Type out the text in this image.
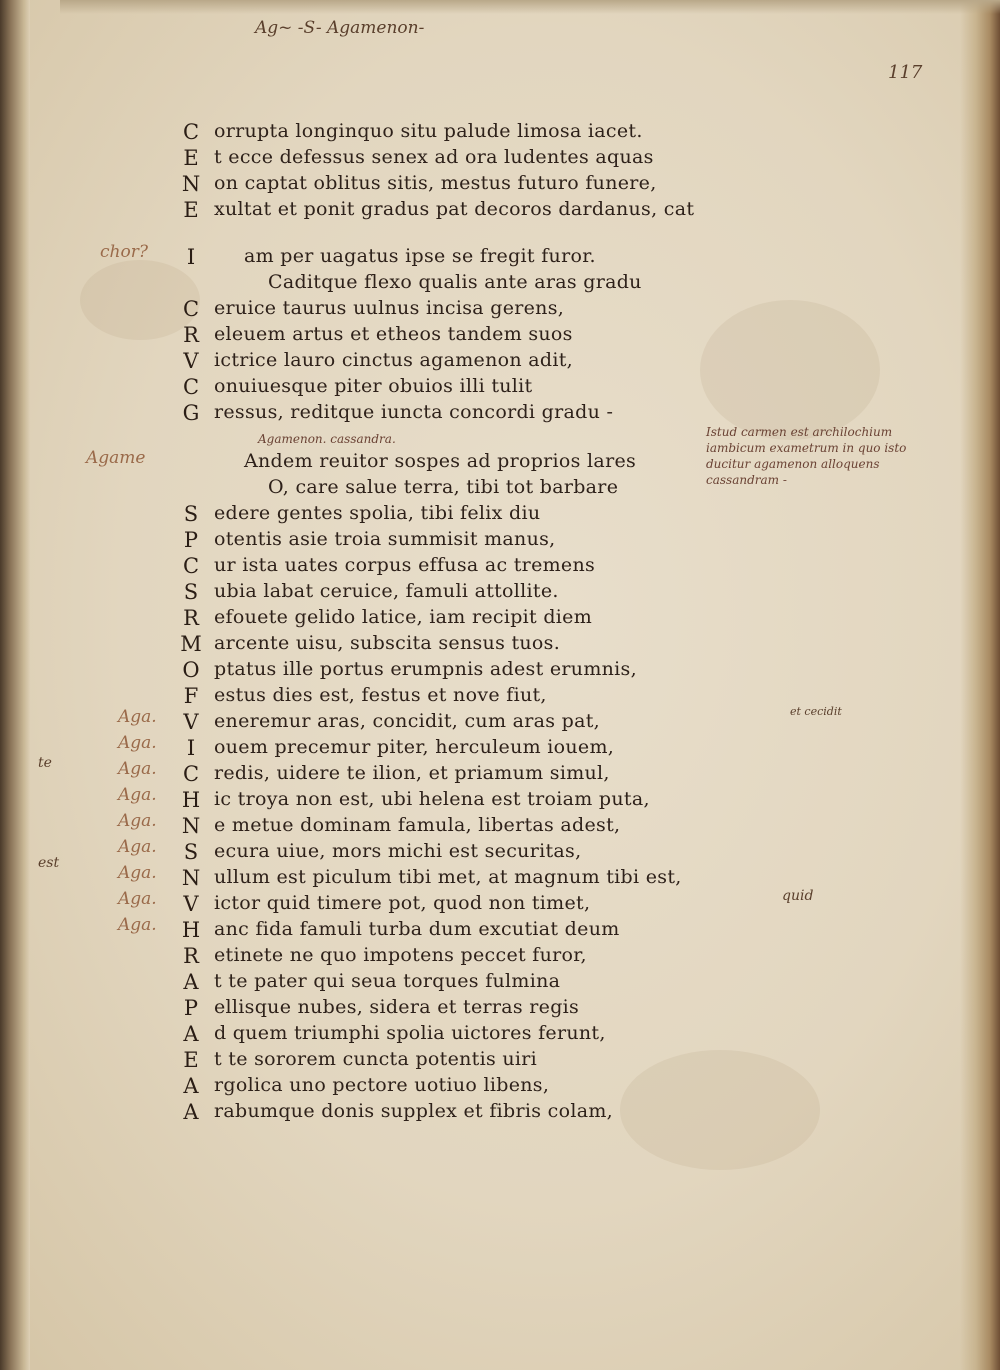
Ag~ -S- Agamenon-
117
C orrupta longinquo situ palude limosa iacet.
E t ecce defessus senex ad ora ludentes aquas
N on captat oblitus sitis, mestus futuro funere,
E xultat et ponit gradus pat decoros dardanus, cat
I	am per uagatus ipse se fregit furor.
Caditque flexo qualis ante aras gradu
C eruice taurus uulnus incisa gerens,
R eleuem artus et etheos tandem suos
V ictrice lauro cinctus agamenon adit,
C onuiuesque piter obuios illi tulit
G ressus, reditque iuncta concordi gradu -
Agamenon. cassandra.
Andem reuitor sospes ad proprios lares
O, care salue terra, tibi tot barbare
S edere gentes spolia, tibi felix diu
P otentis asie troia summisit manus,
C ur ista uates corpus effusa ac tremens
S ubia labat ceruice, famuli attollite.
R efouete gelido latice, iam recipit diem
M arcente uisu, subscita sensus tuos.
O ptatus ille portus erumpnis adest erumnis,
F estus dies est, festus et nove fiut,
V eneremur aras, concidit, cum aras pat,
I ouem precemur piter, herculeum iouem,
C redis, uidere te ilion, et priamum simul,
H ic troya non est, ubi helena est troiam puta,
N e metue dominam famula, libertas adest,
S ecura uiue, mors michi est securitas,
N ullum est piculum tibi met, at magnum tibi est,
V ictor quid timere pot, quod non timet,
H anc fida famuli turba dum excutiat deum
R etinete ne quo impotens peccet furor,
A t te pater qui seua torques fulmina
P ellisque nubes, sidera et terras regis
A d quem triumphi spolia uictores ferunt,
E t te sororem cuncta potentis uiri
A rgolica uno pectore uotiuo libens,
A rabumque donis supplex et fibris colam,
chor?
Agame
Aga.
Aga.
Aga.
Aga.
Aga.
Aga.
Aga.
Aga.
Aga.
Istud carmen est archilochium
iambicum exametrum in quo isto
ducitur agamenon alloquens
cassandram -
te
est
et cecidit
quid
